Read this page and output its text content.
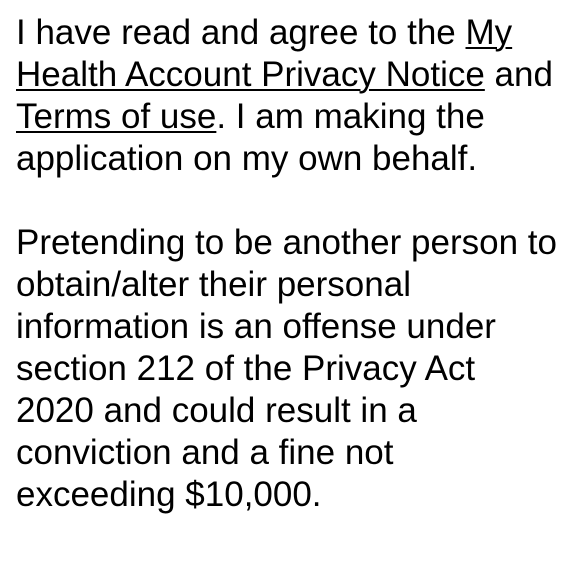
I have read and agree to the My Health Account Privacy Notice and Terms of use. I am making the application on my own behalf.

Pretending to be another person to obtain/alter their personal information is an offense under section 212 of the Privacy Act 2020 and could result in a conviction and a fine not exceeding $10,000.
